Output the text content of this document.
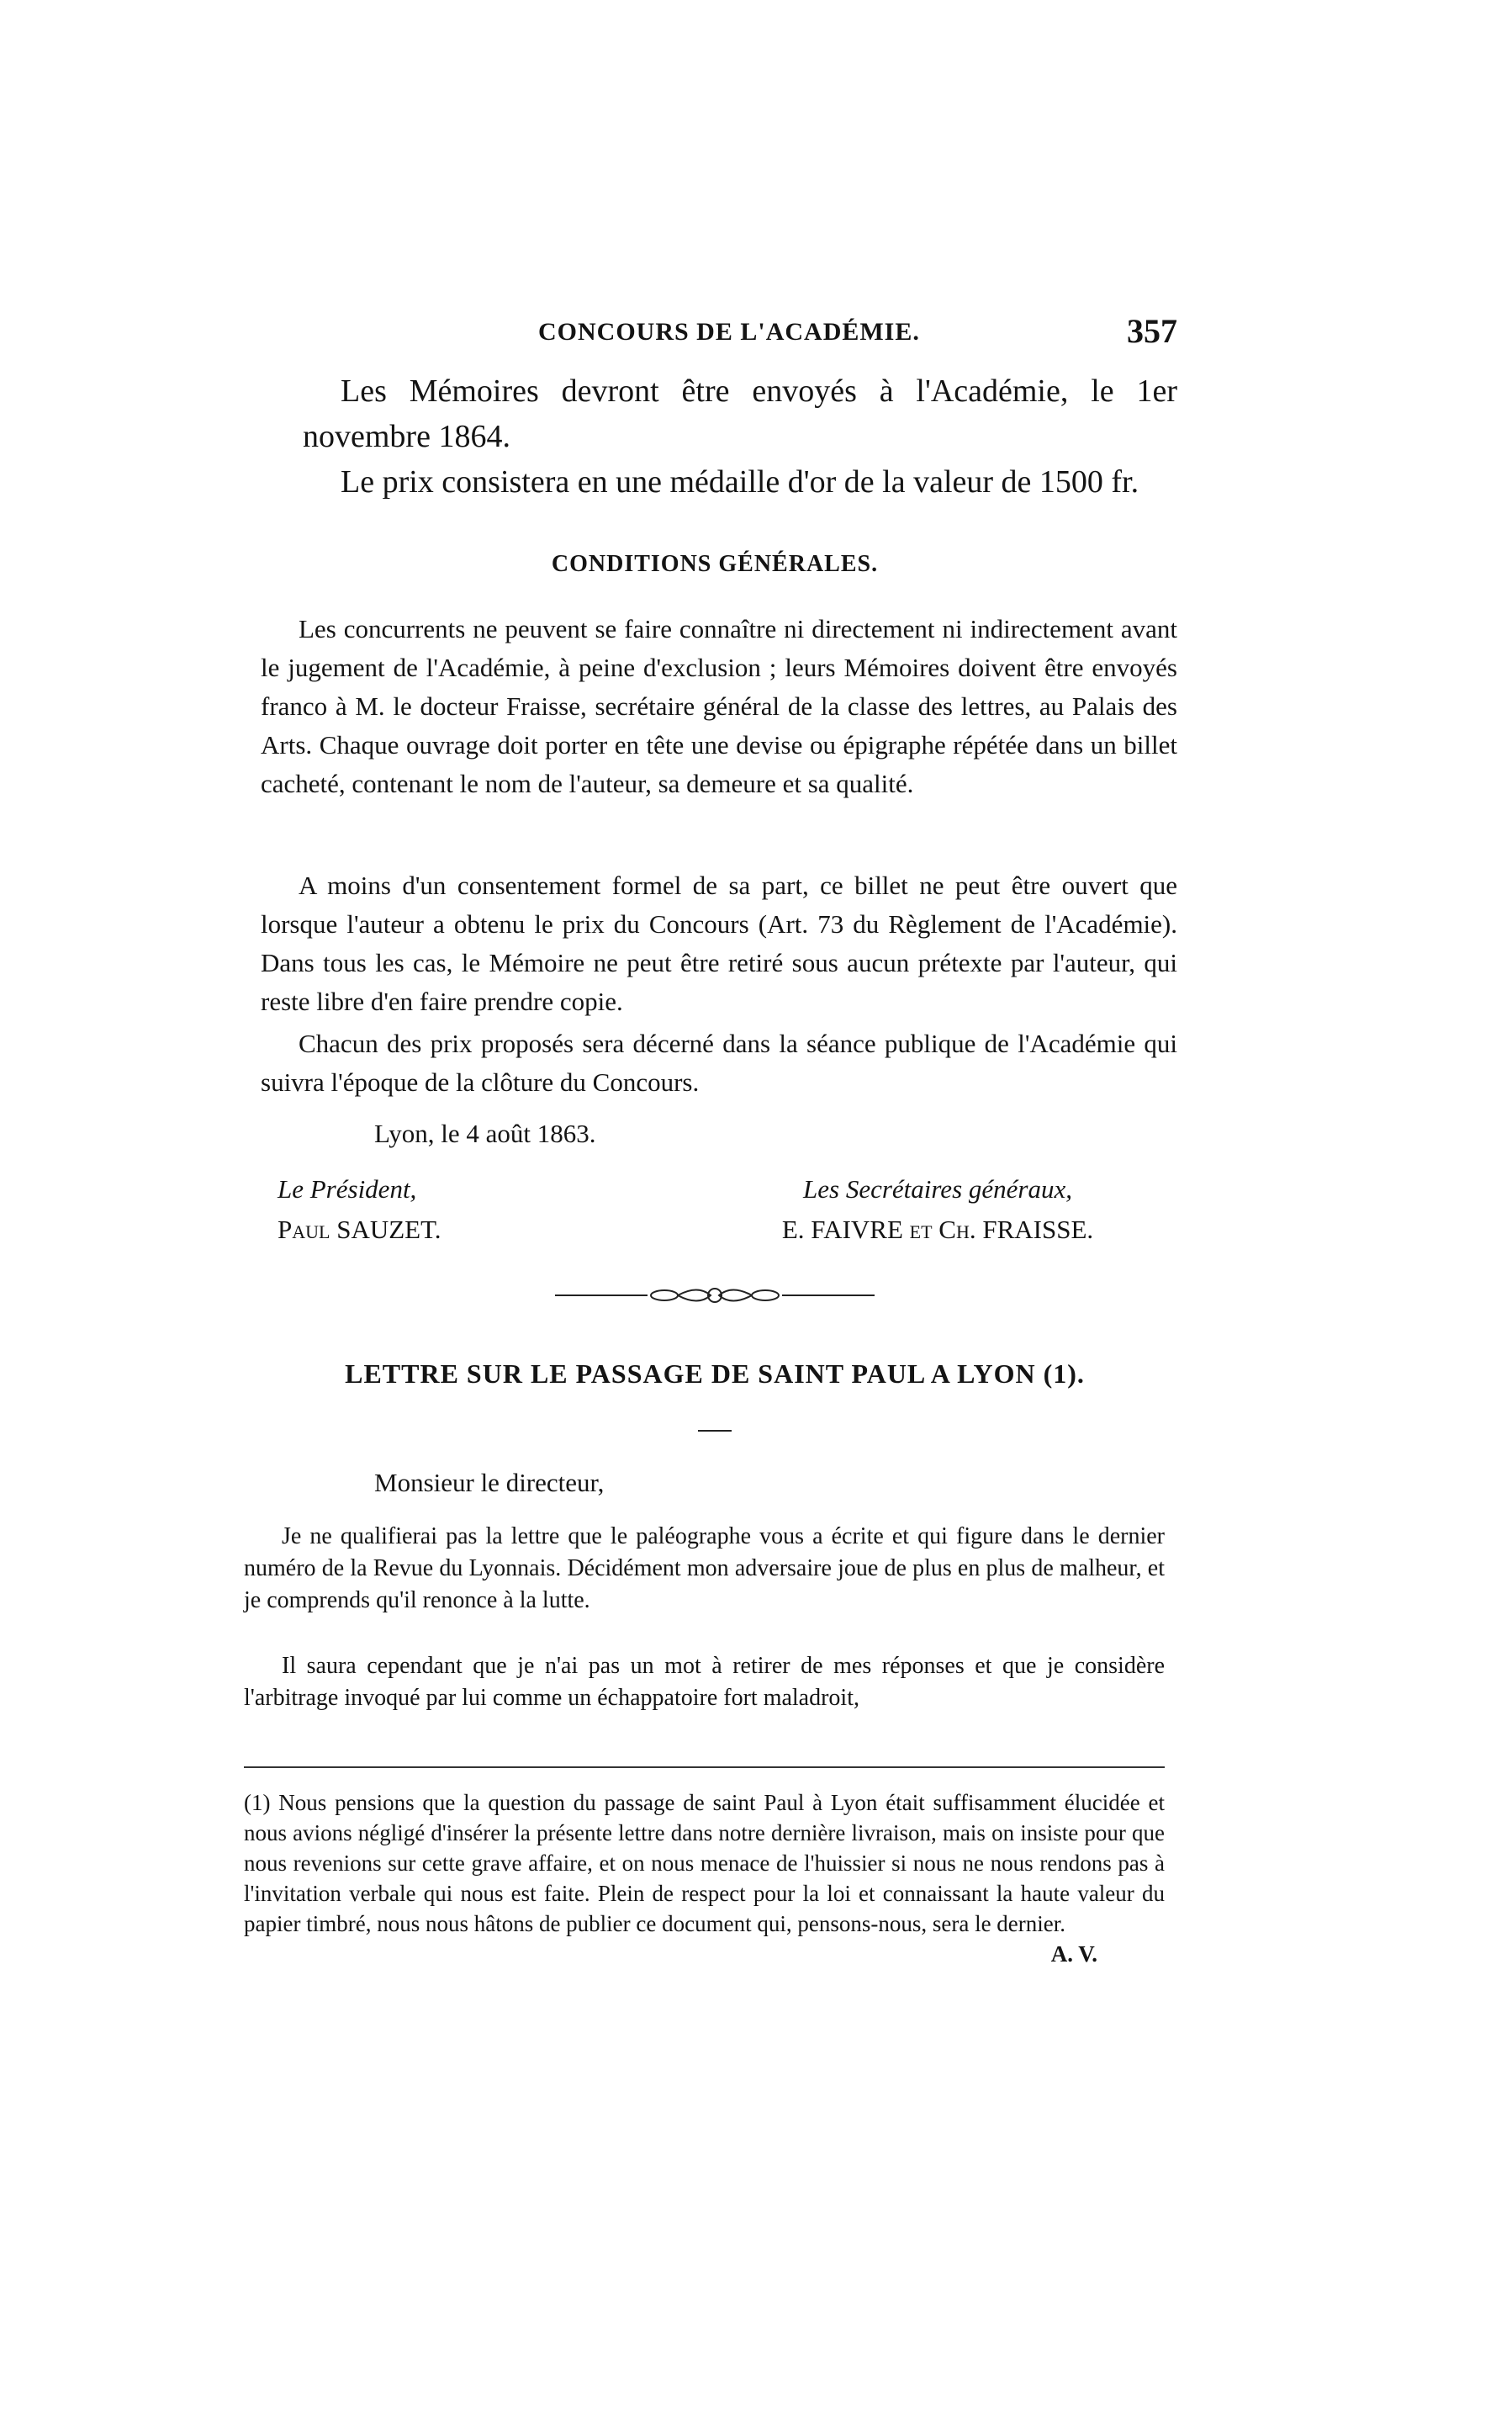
CONCOURS DE L'ACADÉMIE.	357
Les Mémoires devront être envoyés à l'Académie, le 1er novembre 1864.
Le prix consistera en une médaille d'or de la valeur de 1500 fr.
CONDITIONS GÉNÉRALES.
Les concurrents ne peuvent se faire connaître ni directement ni indirectement avant le jugement de l'Académie, à peine d'exclusion ; leurs Mémoires doivent être envoyés franco à M. le docteur Fraisse, secrétaire général de la classe des lettres, au Palais des Arts. Chaque ouvrage doit porter en tête une devise ou épigraphe répétée dans un billet cacheté, contenant le nom de l'auteur, sa demeure et sa qualité.
A moins d'un consentement formel de sa part, ce billet ne peut être ouvert que lorsque l'auteur a obtenu le prix du Concours (Art. 73 du Règlement de l'Académie). Dans tous les cas, le Mémoire ne peut être retiré sous aucun prétexte par l'auteur, qui reste libre d'en faire prendre copie.
Chacun des prix proposés sera décerné dans la séance publique de l'Académie qui suivra l'époque de la clôture du Concours.
Lyon, le 4 août 1863.
Le Président,
Paul SAUZET.
Les Secrétaires généraux,
E. FAIVRE et Ch. FRAISSE.
LETTRE SUR LE PASSAGE DE SAINT PAUL A LYON (1).
Monsieur le directeur,
Je ne qualifierai pas la lettre que le paléographe vous a écrite et qui figure dans le dernier numéro de la Revue du Lyonnais. Décidément mon adversaire joue de plus en plus de malheur, et je comprends qu'il renonce à la lutte.
Il saura cependant que je n'ai pas un mot à retirer de mes réponses et que je considère l'arbitrage invoqué par lui comme un échappatoire fort maladroit,
(1) Nous pensions que la question du passage de saint Paul à Lyon était suffisamment élucidée et nous avions négligé d'insérer la présente lettre dans notre dernière livraison, mais on insiste pour que nous revenions sur cette grave affaire, et on nous menace de l'huissier si nous ne nous rendons pas à l'invitation verbale qui nous est faite. Plein de respect pour la loi et connaissant la haute valeur du papier timbré, nous nous hâtons de publier ce document qui, pensons-nous, sera le dernier.
A. V.
